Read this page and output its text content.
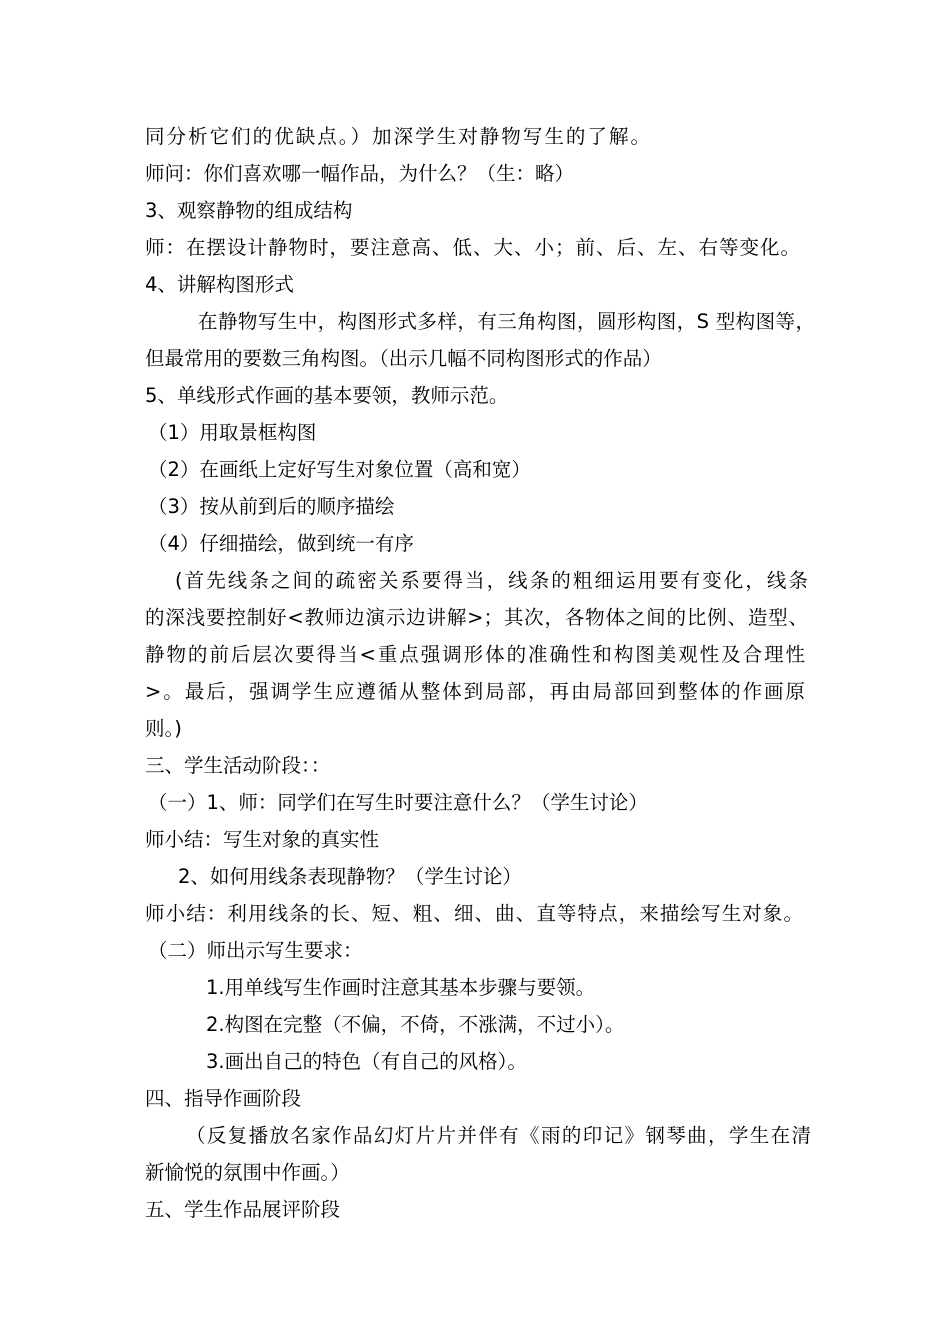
同分析它们的优缺点。）加深学生对静物写生的了解。
师问：你们喜欢哪一幅作品，为什么？（生：略）
3、观察静物的组成结构
师：在摆设计静物时，要注意高、低、大、小；前、后、左、右等变化。
4、讲解构图形式
在静物写生中，构图形式多样，有三角构图，圆形构图，S 型构图等，
但最常用的要数三角构图。（出示几幅不同构图形式的作品）
5、单线形式作画的基本要领，教师示范。
（1）用取景框构图
（2）在画纸上定好写生对象位置（高和宽）
（3）按从前到后的顺序描绘
（4）仔细描绘，做到统一有序
(首先线条之间的疏密关系要得当，线条的粗细运用要有变化，线条
的深浅要控制好<教师边演示边讲解>；其次，各物体之间的比例、造型、
静物的前后层次要得当<重点强调形体的准确性和构图美观性及合理性
>。最后，强调学生应遵循从整体到局部，再由局部回到整体的作画原
则。)
三、学生活动阶段：：
（一）1、师：同学们在写生时要注意什么？（学生讨论）
师小结：写生对象的真实性
2、如何用线条表现静物？（学生讨论）
师小结：利用线条的长、短、粗、细、曲、直等特点，来描绘写生对象。
（二）师出示写生要求：
1.用单线写生作画时注意其基本步骤与要领。
2.构图在完整（不偏，不倚，不涨满，不过小）。
3.画出自己的特色（有自己的风格）。
四、指导作画阶段
（反复播放名家作品幻灯片片并伴有《雨的印记》钢琴曲，学生在清
新愉悦的氛围中作画。）
五、学生作品展评阶段
